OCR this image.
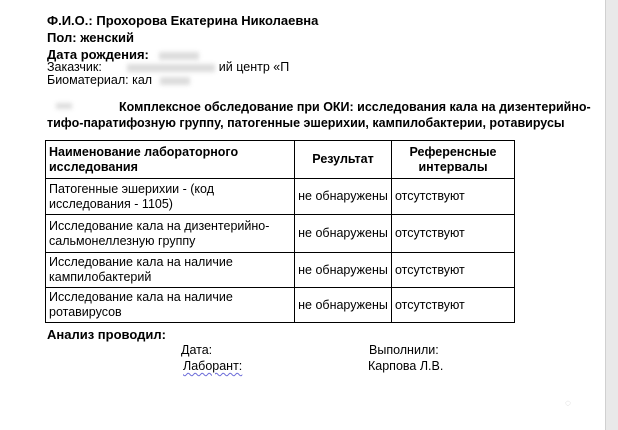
Ф.И.О.: Прохорова Екатерина Николаевна
Пол: женский
Дата рождения:
Заказчик:	ий центр «П
Биоматериал: кал
Комплексное обследование при ОКИ: исследования кала на дизентерийно-
тифо-паратифозную группу, патогенные эшерихии, кампилобактерии, ротавирусы
Наименование лабораторного исследования	Результат	Референсные интервалы
Патогенные эшерихии - (код исследования - 1105)	не обнаружены	отсутствуют
Исследование кала на дизентерийно-сальмонеллезную группу	не обнаружены	отсутствуют
Исследование кала на наличие кампилобактерий	не обнаружены	отсутствуют
Исследование кала на наличие ротавирусов	не обнаружены	отсутствуют
Анализ проводил:
Дата:	Выполнили:
Лаборант:	Карпова Л.В.
◌
